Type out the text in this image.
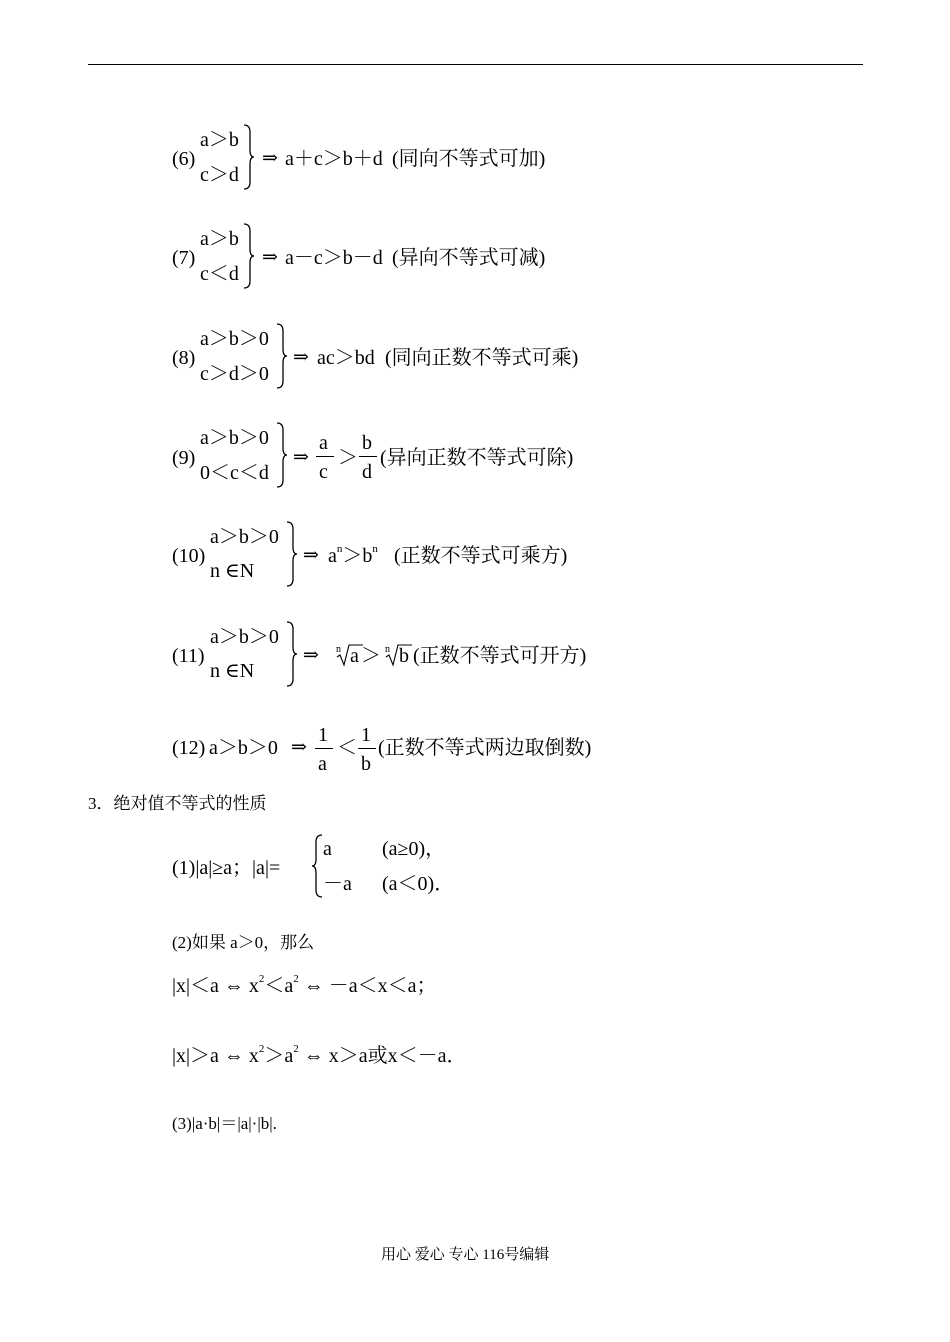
(6)
a＞b
c＞d
⇒ a＋c＞b＋d (同向不等式可加)
(7)
a＞b
c＜d
⇒ a－c＞b－d (异向不等式可减)
(8)
a＞b＞0
c＞d＞0
⇒ ac＞bd (同向正数不等式可乘)
(9)
a＞b＞0
0＜c＜d
⇒
a
c
＞
b
d
(异向正数不等式可除)
(10)
a＞b＞0
n ∈N
⇒ $a^n>b^n$ (正数不等式可乘方)
(11)
a＞b＞0
n ∈N
⇒ n a ＞ n b (正数不等式可开方)
(12) a＞b＞0 ⇒
1
a
＜
1
b
(正数不等式两边取倒数)
3．绝对值不等式的性质
(1)|a|≥a；|a|=
a	(a≥0)，
－a (a＜0)．
(2)如果 a＞0，那么
|x|＜a ⇔ $x^2<a^2$ ⇔ －a＜x＜a；
|x|＞a ⇔ $x^2>a^2$ ⇔ x＞a或x＜－a．
(3)|a·b|＝|a|·|b|.
用心 爱心 专心 116号编辑
